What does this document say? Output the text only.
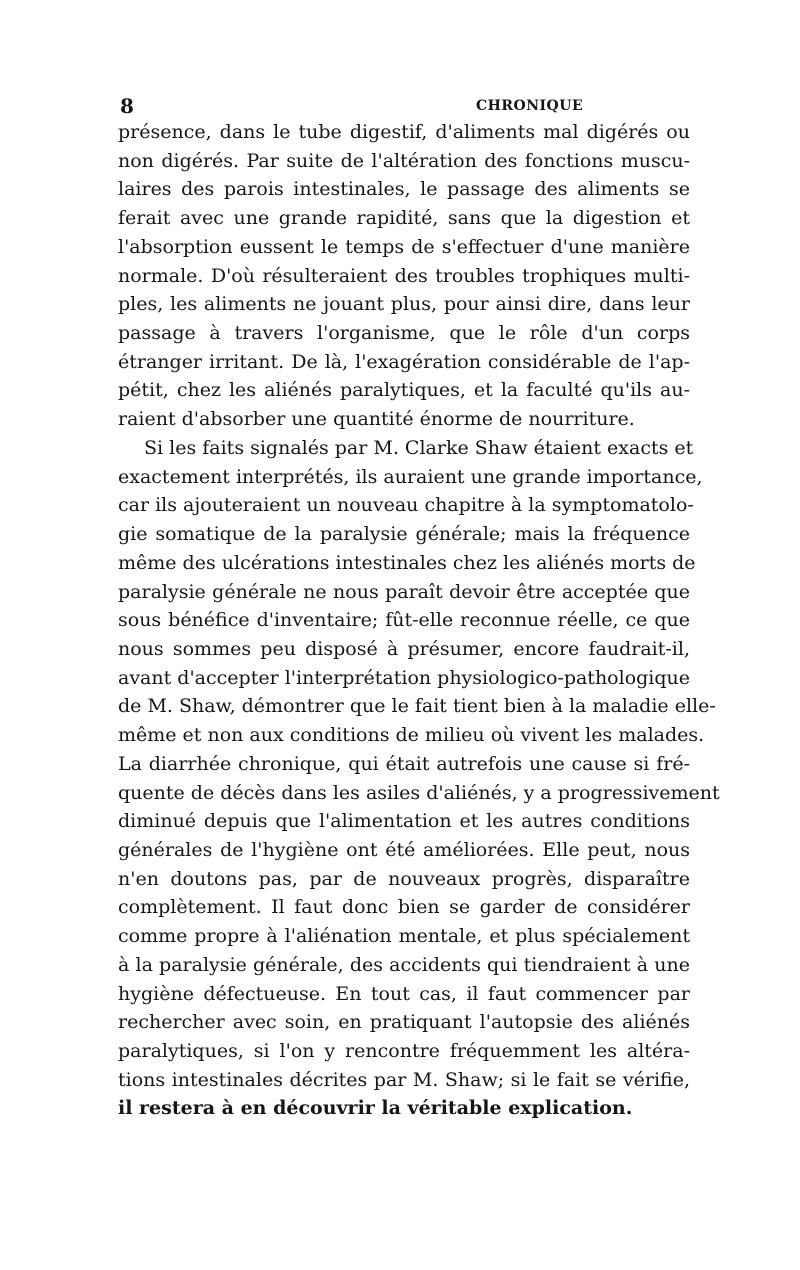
8	CHRONIQUE
présence, dans le tube digestif, d'aliments mal digérés ou
non digérés. Par suite de l'altération des fonctions muscu-
laires des parois intestinales, le passage des aliments se
ferait avec une grande rapidité, sans que la digestion et
l'absorption eussent le temps de s'effectuer d'une manière
normale. D'où résulteraient des troubles trophiques multi-
ples, les aliments ne jouant plus, pour ainsi dire, dans leur
passage à travers l'organisme, que le rôle d'un corps
étranger irritant. De là, l'exagération considérable de l'ap-
pétit, chez les aliénés paralytiques, et la faculté qu'ils au-
raient d'absorber une quantité énorme de nourriture.
Si les faits signalés par M. Clarke Shaw étaient exacts et
exactement interprétés, ils auraient une grande importance,
car ils ajouteraient un nouveau chapitre à la symptomatolo-
gie somatique de la paralysie générale; mais la fréquence
même des ulcérations intestinales chez les aliénés morts de
paralysie générale ne nous paraît devoir être acceptée que
sous bénéfice d'inventaire; fût-elle reconnue réelle, ce que
nous sommes peu disposé à présumer, encore faudrait-il,
avant d'accepter l'interprétation physiologico-pathologique
de M. Shaw, démontrer que le fait tient bien à la maladie elle-
même et non aux conditions de milieu où vivent les malades.
La diarrhée chronique, qui était autrefois une cause si fré-
quente de décès dans les asiles d'aliénés, y a progressivement
diminué depuis que l'alimentation et les autres conditions
générales de l'hygiène ont été améliorées. Elle peut, nous
n'en doutons pas, par de nouveaux progrès, disparaître
complètement. Il faut donc bien se garder de considérer
comme propre à l'aliénation mentale, et plus spécialement
à la paralysie générale, des accidents qui tiendraient à une
hygiène défectueuse. En tout cas, il faut commencer par
rechercher avec soin, en pratiquant l'autopsie des aliénés
paralytiques, si l'on y rencontre fréquemment les altéra-
tions intestinales décrites par M. Shaw; si le fait se vérifie,
il restera à en découvrir la véritable explication.
